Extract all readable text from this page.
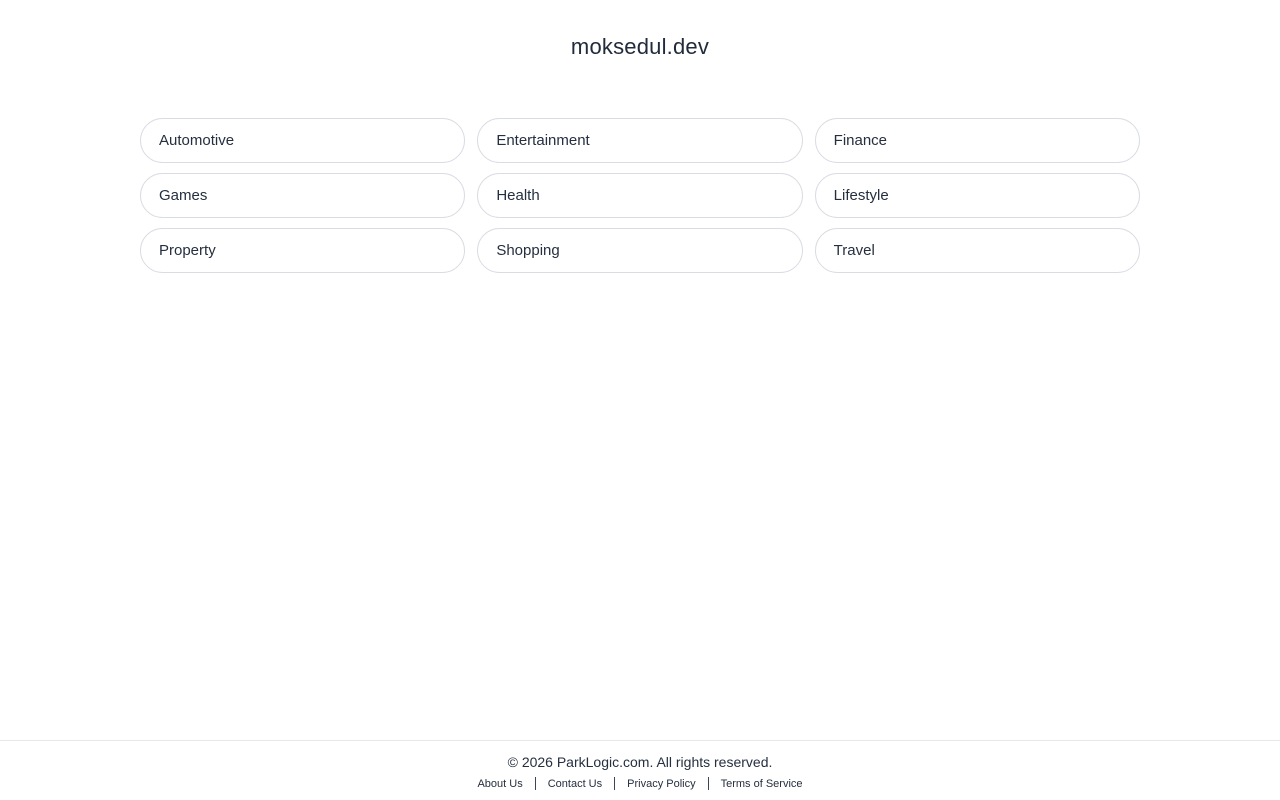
moksedul.dev
Automotive	Entertainment	Finance
Games	Health	Lifestyle
Property	Shopping	Travel

© 2026 ParkLogic.com. All rights reserved.

About Us	Contact Us	Privacy Policy	Terms of Service
